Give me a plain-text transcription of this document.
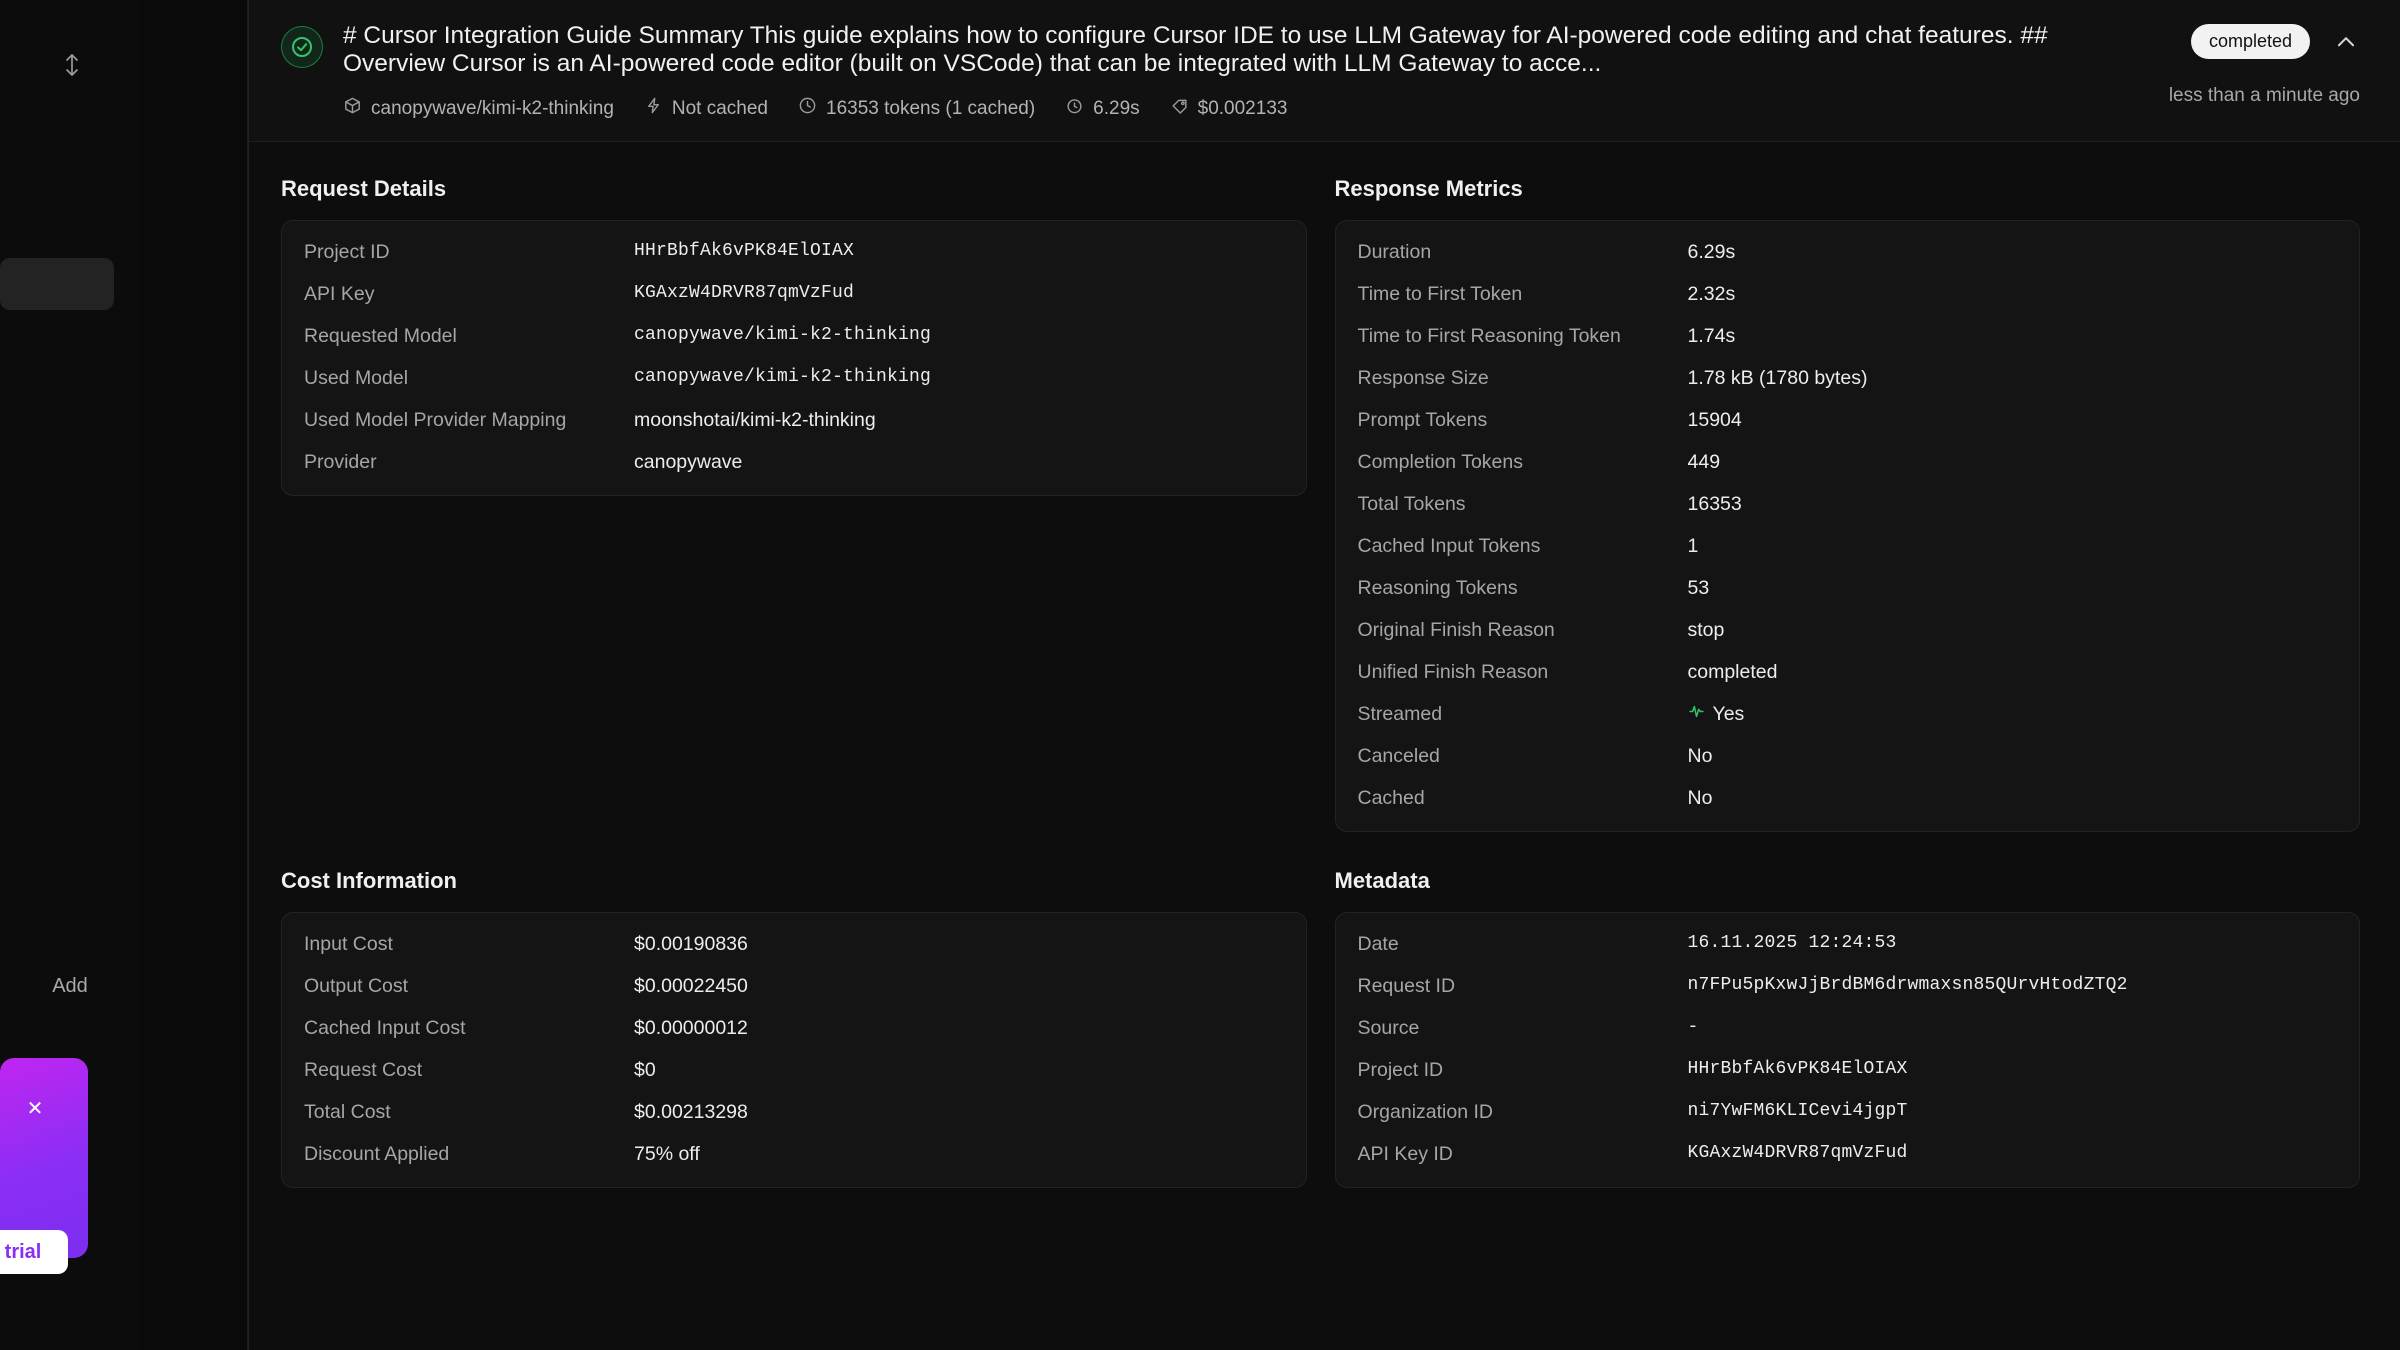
Add
✕
trial
# Cursor Integration Guide Summary This guide explains how to configure Cursor IDE to use LLM Gateway for AI-powered code editing and chat features. ## Overview Cursor is an AI-powered code editor (built on VSCode) that can be integrated with LLM Gateway to acce...
canopywave/kimi-k2-thinking	Not cached	16353 tokens (1 cached)	6.29s	$0.002133
completed
less than a minute ago
Request Details
Project ID	HHrBbfAk6vPK84ElOIAX
API Key	KGAxzW4DRVR87qmVzFud
Requested Model	canopywave/kimi-k2-thinking
Used Model	canopywave/kimi-k2-thinking
Used Model Provider Mapping	moonshotai/kimi-k2-thinking
Provider	canopywave
Response Metrics
Duration	6.29s
Time to First Token	2.32s
Time to First Reasoning Token	1.74s
Response Size	1.78 kB (1780 bytes)
Prompt Tokens	15904
Completion Tokens	449
Total Tokens	16353
Cached Input Tokens	1
Reasoning Tokens	53
Original Finish Reason	stop
Unified Finish Reason	completed
Streamed	Yes
Canceled	No
Cached	No
Cost Information
Input Cost	$0.00190836
Output Cost	$0.00022450
Cached Input Cost	$0.00000012
Request Cost	$0
Total Cost	$0.00213298
Discount Applied	75% off
Metadata
Date	16.11.2025 12:24:53
Request ID	n7FPu5pKxwJjBrdBM6drwmaxsn85QUrvHtodZTQ2
Source	-
Project ID	HHrBbfAk6vPK84ElOIAX
Organization ID	ni7YwFM6KLICevi4jgpT
API Key ID	KGAxzW4DRVR87qmVzFud
